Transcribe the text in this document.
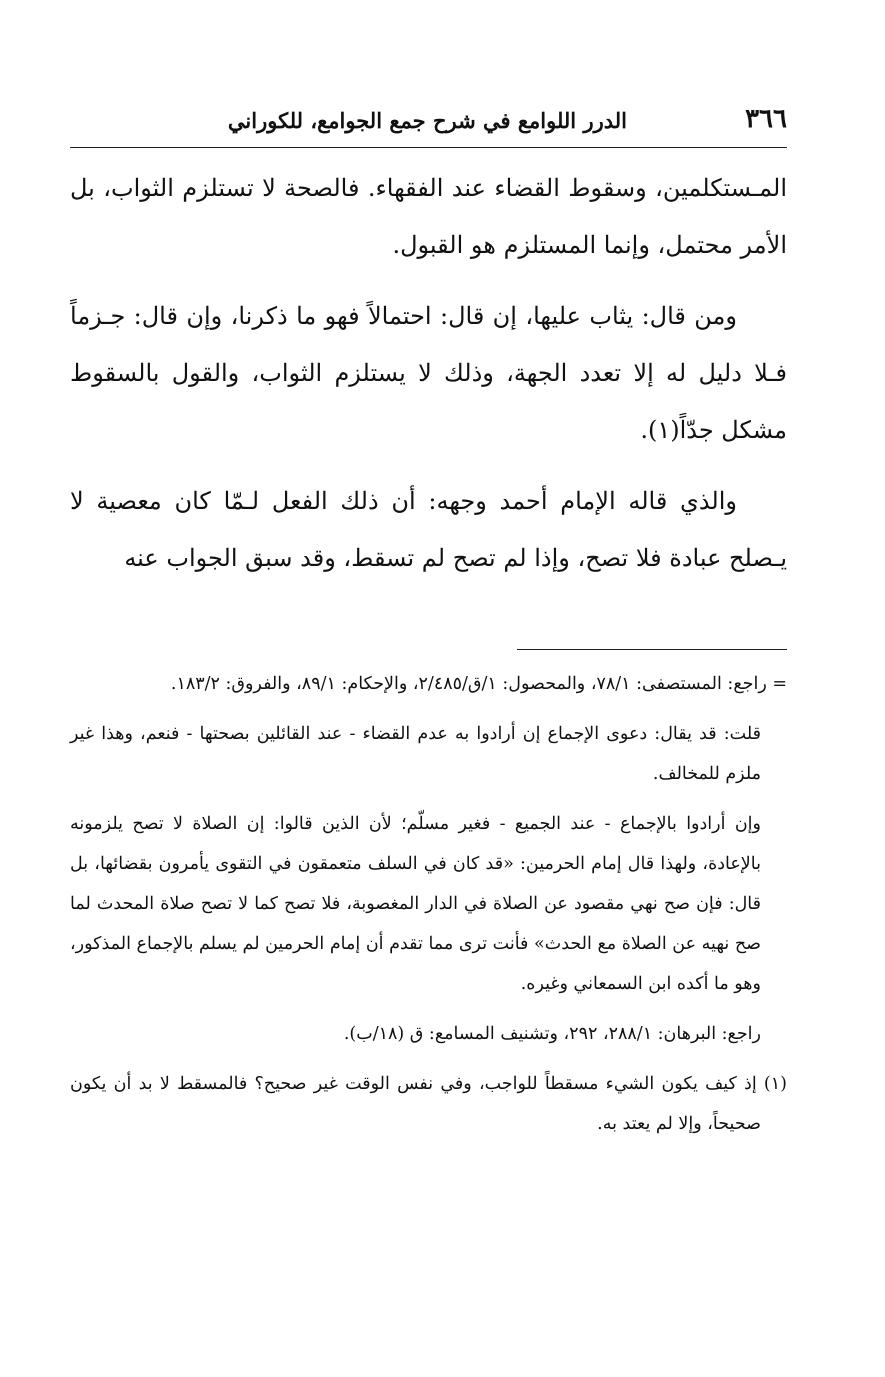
٣٦٦
الدرر اللوامع في شرح جمع الجوامع، للكوراني

المـستكلمين، وسقوط القضاء عند الفقهاء. فالصحة لا تستلزم الثواب، بل الأمر محتمل، وإنما المستلزم هو القبول.

ومن قال: يثاب عليها، إن قال: احتمالاً فهو ما ذكرنا، وإن قال: جـزماً فـلا دليل له إلا تعدد الجهة، وذلك لا يستلزم الثواب، والقول بالسقوط مشكل جدّاً(١).

والذي قاله الإمام أحمد وجهه: أن ذلك الفعل لـمّا كان معصية لا يـصلح عبادة فلا تصح، وإذا لم تصح لم تسقط، وقد سبق الجواب عنه

= راجع: المستصفى: ٧٨/١، والمحصول: ١/ق/٢/٤٨٥، والإحكام: ٨٩/١، والفروق: ١٨٣/٢.

قلت: قد يقال: دعوى الإجماع إن أرادوا به عدم القضاء - عند القائلين بصحتها - فنعم، وهذا غير ملزم للمخالف.

وإن أرادوا بالإجماع - عند الجميع - فغير مسلّم؛ لأن الذين قالوا: إن الصلاة لا تصح يلزمونه بالإعادة، ولهذا قال إمام الحرمين: «قد كان في السلف متعمقون في التقوى يأمرون بقضائها، بل قال: فإن صح نهي مقصود عن الصلاة في الدار المغصوبة، فلا تصح كما لا تصح صلاة المحدث لما صح نهيه عن الصلاة مع الحدث» فأنت ترى مما تقدم أن إمام الحرمين لم يسلم بالإجماع المذكور، وهو ما أكده ابن السمعاني وغيره.

راجع: البرهان: ٢٨٨/١، ٢٩٢، وتشنيف المسامع: ق (١٨/ب).

(١) إذ كيف يكون الشيء مسقطاً للواجب، وفي نفس الوقت غير صحيح؟ فالمسقط لا بد أن يكون صحيحاً، وإلا لم يعتد به.
